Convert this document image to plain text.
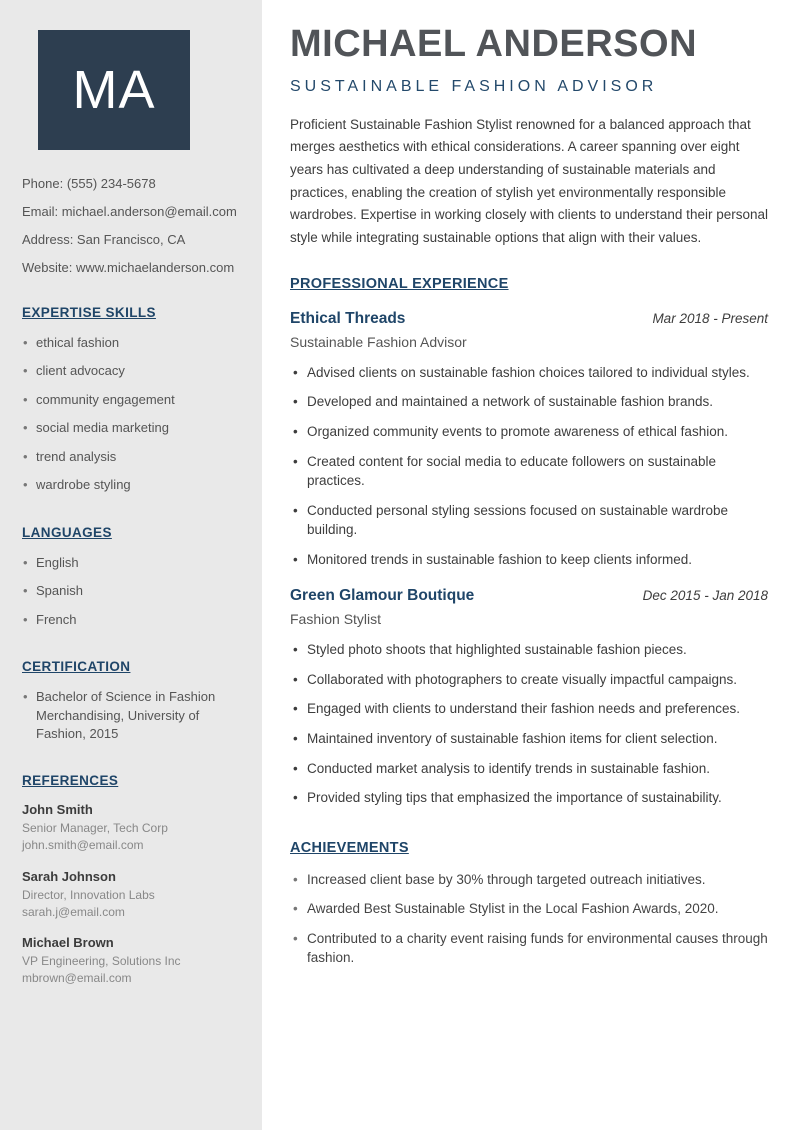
MA
Phone: (555) 234-5678
Email: michael.anderson@email.com
Address: San Francisco, CA
Website: www.michaelanderson.com
EXPERTISE SKILLS
• ethical fashion
• client advocacy
• community engagement
• social media marketing
• trend analysis
• wardrobe styling
LANGUAGES
• English
• Spanish
• French
CERTIFICATION
• Bachelor of Science in Fashion Merchandising, University of Fashion, 2015
REFERENCES
John Smith
Senior Manager, Tech Corp
john.smith@email.com
Sarah Johnson
Director, Innovation Labs
sarah.j@email.com
Michael Brown
VP Engineering, Solutions Inc
mbrown@email.com
MICHAEL ANDERSON
SUSTAINABLE FASHION ADVISOR

Proficient Sustainable Fashion Stylist renowned for a balanced approach that merges aesthetics with ethical considerations. A career spanning over eight years has cultivated a deep understanding of sustainable materials and practices, enabling the creation of stylish yet environmentally responsible wardrobes. Expertise in working closely with clients to understand their personal style while integrating sustainable options that align with their values.

PROFESSIONAL EXPERIENCE
Ethical Threads	Mar 2018 - Present
Sustainable Fashion Advisor
• Advised clients on sustainable fashion choices tailored to individual styles.
• Developed and maintained a network of sustainable fashion brands.
• Organized community events to promote awareness of ethical fashion.
• Created content for social media to educate followers on sustainable practices.
• Conducted personal styling sessions focused on sustainable wardrobe building.
• Monitored trends in sustainable fashion to keep clients informed.
Green Glamour Boutique	Dec 2015 - Jan 2018
Fashion Stylist
• Styled photo shoots that highlighted sustainable fashion pieces.
• Collaborated with photographers to create visually impactful campaigns.
• Engaged with clients to understand their fashion needs and preferences.
• Maintained inventory of sustainable fashion items for client selection.
• Conducted market analysis to identify trends in sustainable fashion.
• Provided styling tips that emphasized the importance of sustainability.
ACHIEVEMENTS
• Increased client base by 30% through targeted outreach initiatives.
• Awarded Best Sustainable Stylist in the Local Fashion Awards, 2020.
• Contributed to a charity event raising funds for environmental causes through fashion.
